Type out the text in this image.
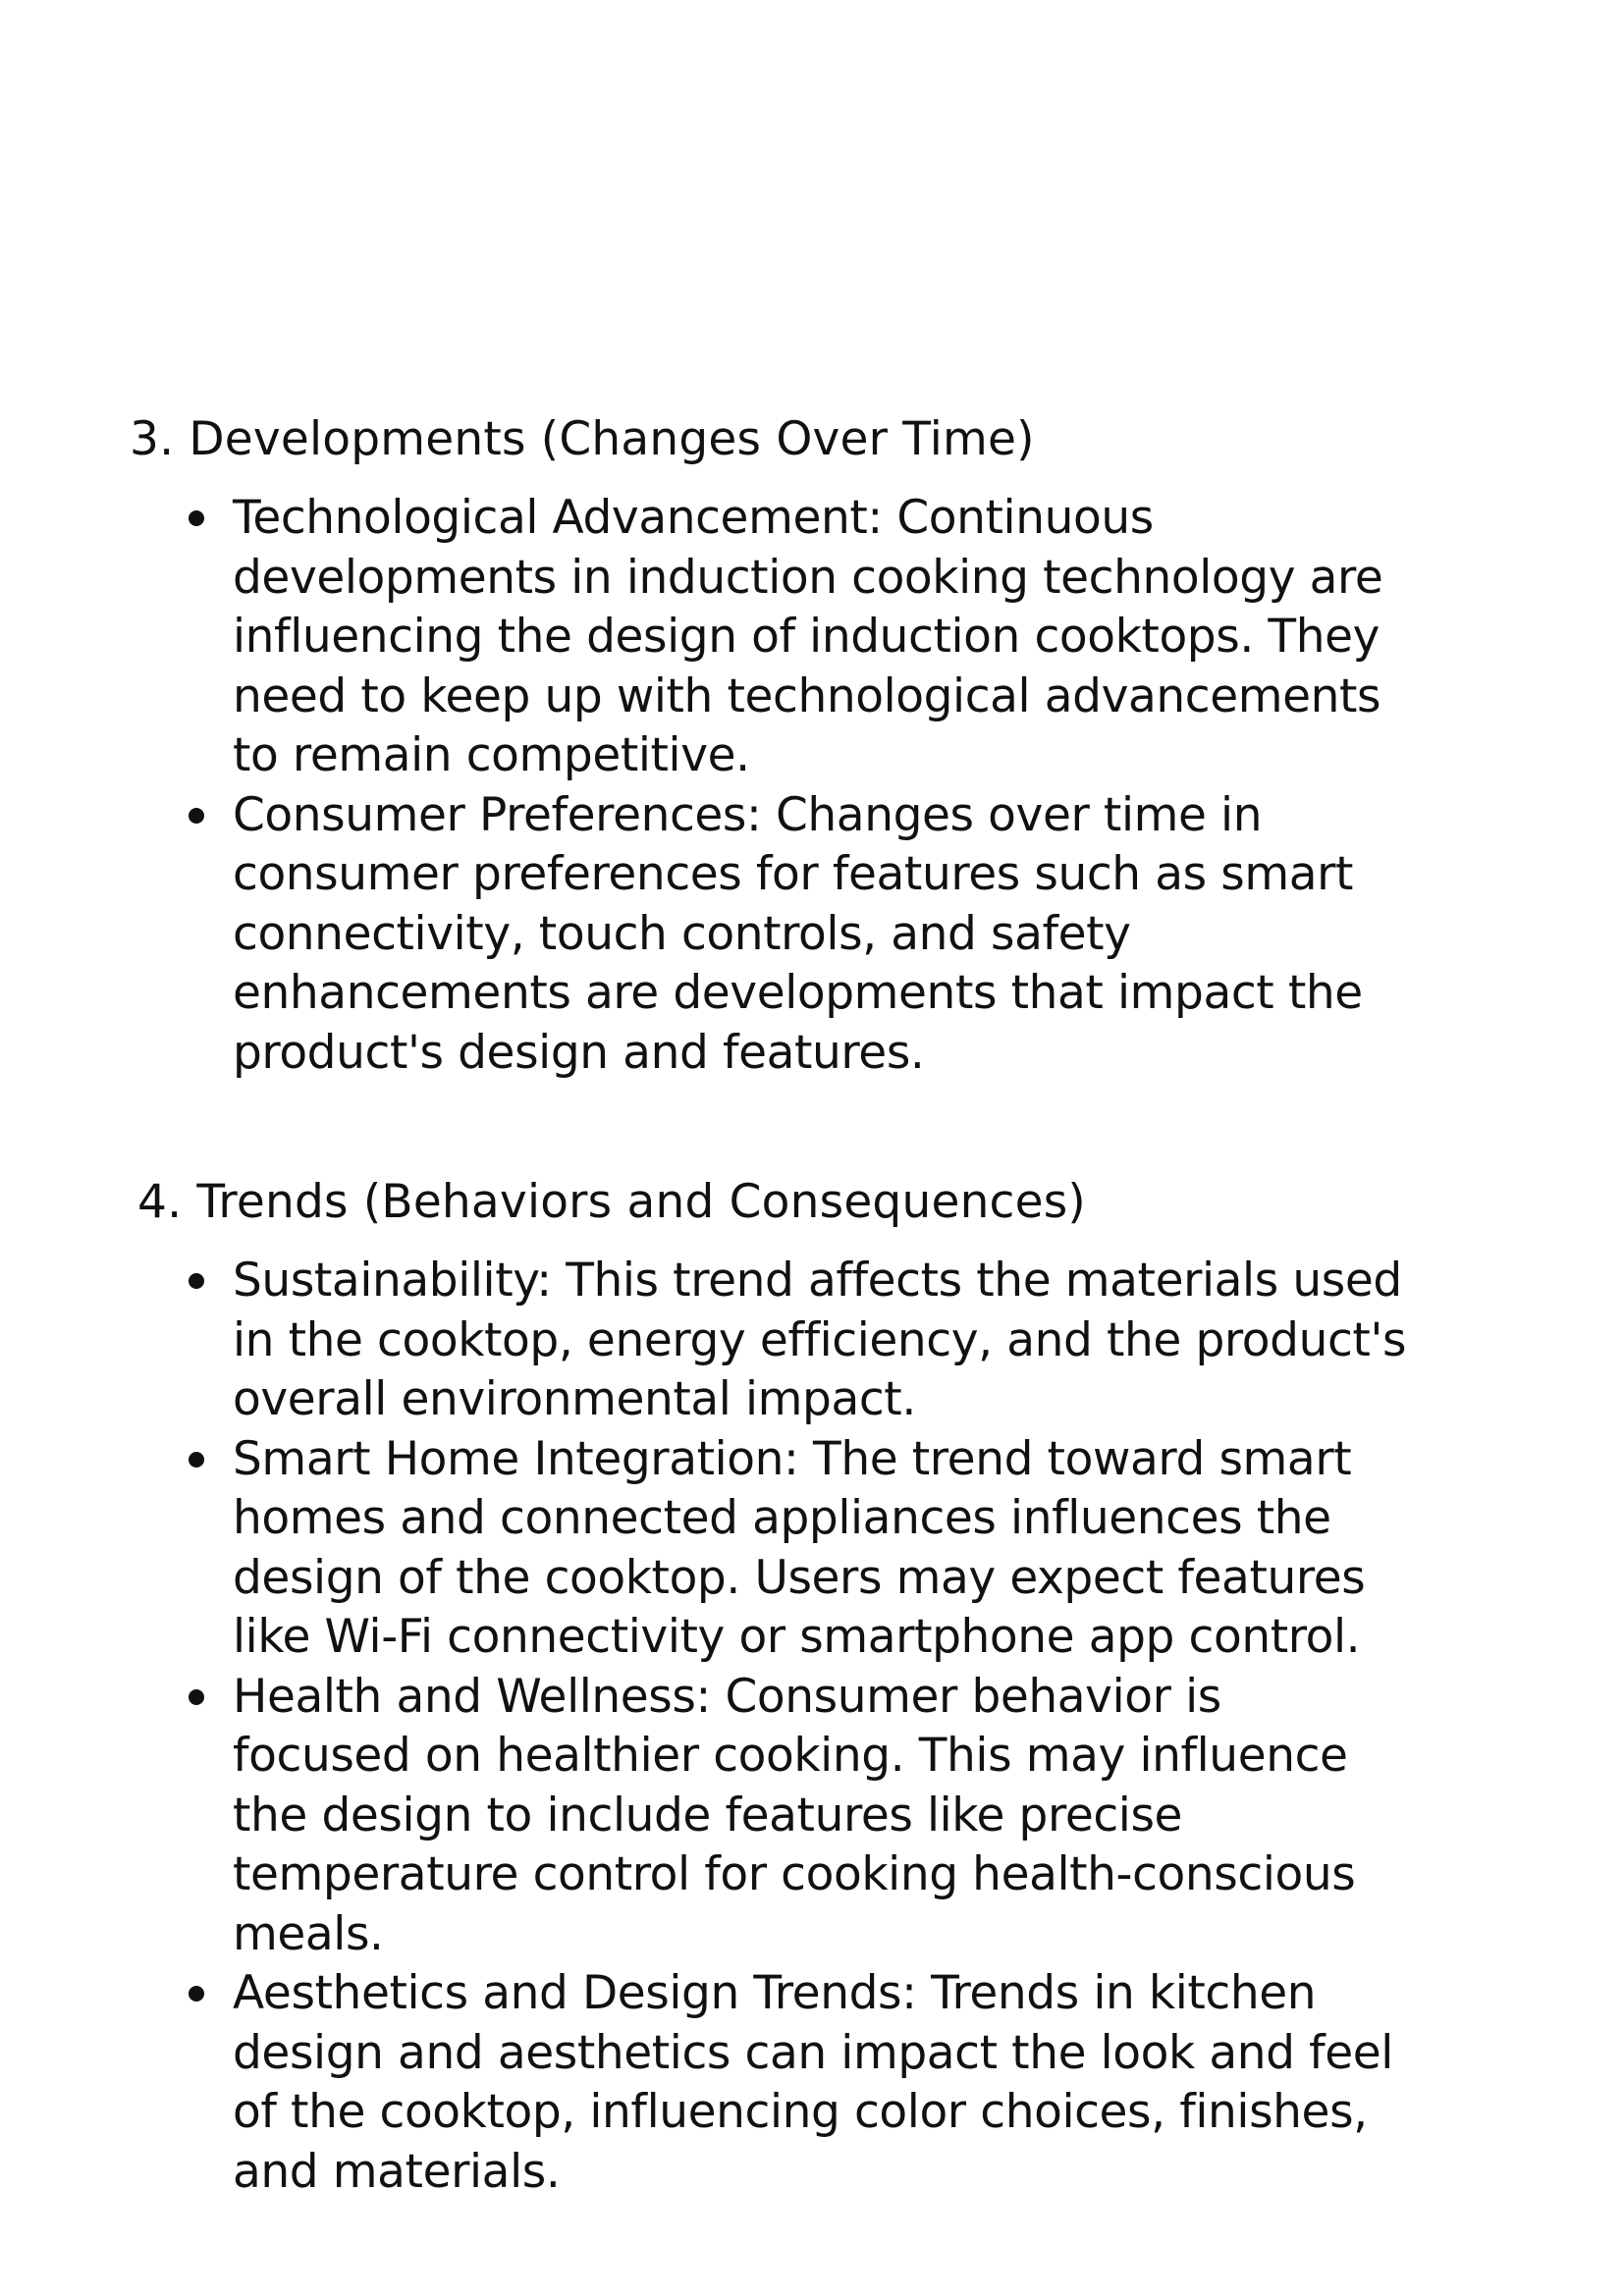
3. Developments (Changes Over Time)
Technological Advancement: Continuous
developments in induction cooking technology are
influencing the design of induction cooktops. They
need to keep up with technological advancements
to remain competitive.
Consumer Preferences: Changes over time in
consumer preferences for features such as smart
connectivity, touch controls, and safety
enhancements are developments that impact the
product's design and features.
4. Trends (Behaviors and Consequences)
Sustainability: This trend affects the materials used
in the cooktop, energy efficiency, and the product's
overall environmental impact.
Smart Home Integration: The trend toward smart
homes and connected appliances influences the
design of the cooktop. Users may expect features
like Wi-Fi connectivity or smartphone app control.
Health and Wellness: Consumer behavior is
focused on healthier cooking. This may influence
the design to include features like precise
temperature control for cooking health-conscious
meals.
Aesthetics and Design Trends: Trends in kitchen
design and aesthetics can impact the look and feel
of the cooktop, influencing color choices, finishes,
and materials.
